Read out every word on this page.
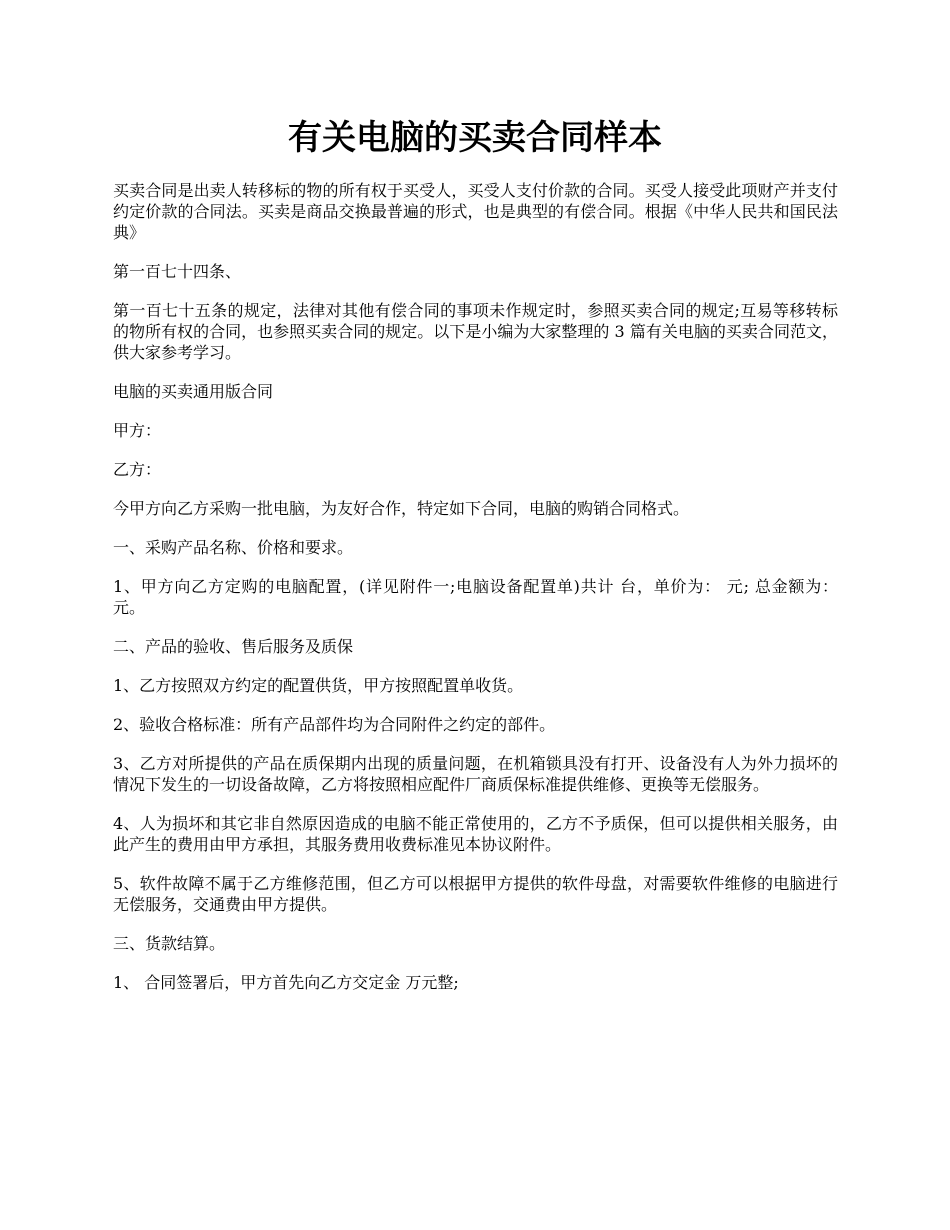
有关电脑的买卖合同样本

买卖合同是出卖人转移标的物的所有权于买受人，买受人支付价款的合同。买受人接受此项财产并支付约定价款的合同法。买卖是商品交换最普遍的形式，也是典型的有偿合同。根据《中华人民共和国民法典》

第一百七十四条、

第一百七十五条的规定，法律对其他有偿合同的事项未作规定时，参照买卖合同的规定;互易等移转标的物所有权的合同，也参照买卖合同的规定。以下是小编为大家整理的 3 篇有关电脑的买卖合同范文，供大家参考学习。

电脑的买卖通用版合同

甲方：

乙方：

今甲方向乙方采购一批电脑，为友好合作，特定如下合同，电脑的购销合同格式。

一、采购产品名称、价格和要求。

1、甲方向乙方定购的电脑配置，(详见附件一;电脑设备配置单)共计 台，单价为： 元; 总金额为： 元。

二、产品的验收、售后服务及质保

1、乙方按照双方约定的配置供货，甲方按照配置单收货。

2、验收合格标准：所有产品部件均为合同附件之约定的部件。

3、乙方对所提供的产品在质保期内出现的质量问题，在机箱锁具没有打开、设备没有人为外力损坏的情况下发生的一切设备故障，乙方将按照相应配件厂商质保标准提供维修、更换等无偿服务。

4、人为损坏和其它非自然原因造成的电脑不能正常使用的，乙方不予质保，但可以提供相关服务，由此产生的费用由甲方承担，其服务费用收费标准见本协议附件。

5、软件故障不属于乙方维修范围，但乙方可以根据甲方提供的软件母盘，对需要软件维修的电脑进行无偿服务，交通费由甲方提供。

三、货款结算。

1、 合同签署后，甲方首先向乙方交定金 万元整;
